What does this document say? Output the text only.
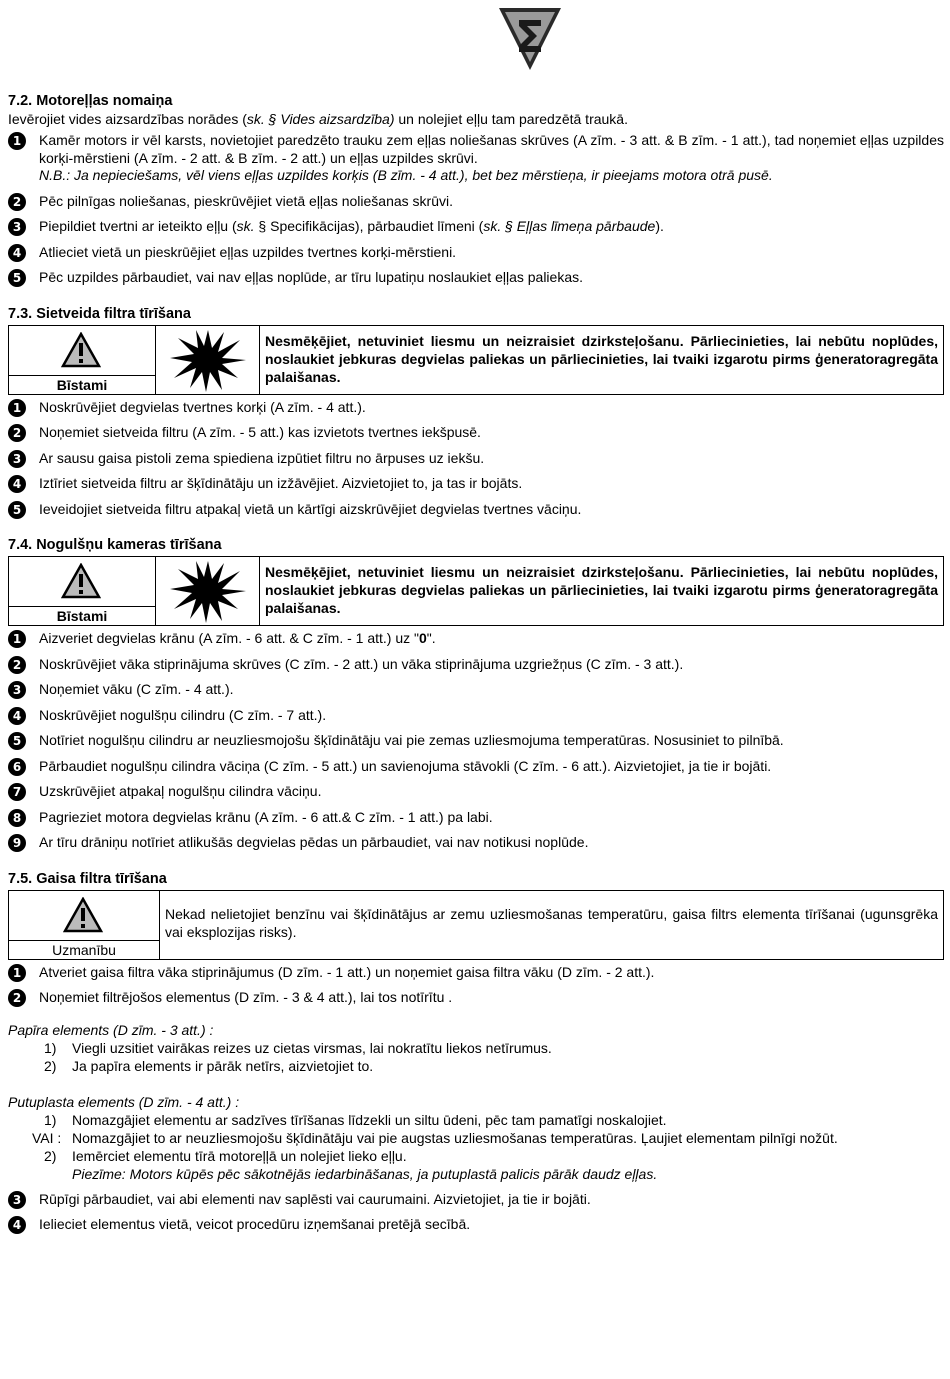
7.2. Motoreļļas nomaiņa

Ievērojiet vides aizsardzības norādes (sk. § Vides aizsardzība) un nolejiet eļļu tam paredzētā traukā.

1	Kamēr motors ir vēl karsts, novietojiet paredzēto trauku zem eļļas noliešanas skrūves (A zīm. - 3 att. & B zīm. - 1 att.), tad noņemiet eļļas uzpildes korķi-mērstieni (A zīm. - 2 att. & B zīm. - 2 att.) un eļļas uzpildes skrūvi.
N.B.: Ja nepieciešams, vēl viens eļļas uzpildes korķis (B zīm. - 4 att.), bet bez mērstieņa, ir pieejams motora otrā pusē.
2	Pēc pilnīgas noliešanas, pieskrūvējiet vietā eļļas noliešanas skrūvi.
3	Piepildiet tvertni ar ieteikto eļļu (sk. § Specifikācijas), pārbaudiet līmeni (sk. § Eļļas līmeņa pārbaude).
4	Atlieciet vietā un pieskrūējiet eļļas uzpildes tvertnes korķi-mērstieni.
5	Pēc uzpildes pārbaudiet, vai nav eļļas noplūde, ar tīru lupatiņu noslaukiet eļļas paliekas.

7.3. Sietveida filtra tīrīšana

Bīstami
Nesmēķējiet, netuviniet liesmu un neizraisiet dzirksteļošanu. Pārliecinieties, lai nebūtu noplūdes, noslaukiet jebkuras degvielas paliekas un pārliecinieties, lai tvaiki izgarotu pirms ģeneratoragregāta palaišanas.
1	Noskrūvējiet degvielas tvertnes korķi (A zīm. - 4 att.).
2	Noņemiet sietveida filtru (A zīm. - 5 att.) kas izvietots tvertnes iekšpusē.
3	Ar sausu gaisa pistoli zema spiediena izpūtiet filtru no ārpuses uz iekšu.
4	Iztīriet sietveida filtru ar šķīdinātāju un izžāvējiet. Aizvietojiet to, ja tas ir bojāts.
5	Ieveidojiet sietveida filtru atpakaļ vietā un kārtīgi aizskrūvējiet degvielas tvertnes vāciņu.

7.4. Nogulšņu kameras tīrīšana

Bīstami
Nesmēķējiet, netuviniet liesmu un neizraisiet dzirksteļošanu. Pārliecinieties, lai nebūtu noplūdes, noslaukiet jebkuras degvielas paliekas un pārliecinieties, lai tvaiki izgarotu pirms ģeneratoragregāta palaišanas.
1	Aizveriet degvielas krānu (A zīm. - 6 att. & C zīm. - 1 att.) uz "0".
2	Noskrūvējiet vāka stiprinājuma skrūves (C zīm. - 2 att.) un vāka stiprinājuma uzgriežņus (C zīm. - 3 att.).
3	Noņemiet vāku (C zīm. - 4 att.).
4	Noskrūvējiet nogulšņu cilindru (C zīm. - 7 att.).
5	Notīriet nogulšņu cilindru ar neuzliesmojošu šķīdinātāju vai pie zemas uzliesmojuma temperatūras. Nosusiniet to pilnībā.
6	Pārbaudiet nogulšņu cilindra vāciņa (C zīm. - 5 att.) un savienojuma stāvokli (C zīm. - 6 att.). Aizvietojiet, ja tie ir bojāti.
7	Uzskrūvējiet atpakaļ nogulšņu cilindra vāciņu.
8	Pagrieziet motora degvielas krānu (A zīm. - 6 att.& C zīm. - 1 att.) pa labi.
9	Ar tīru drāniņu notīriet atlikušās degvielas pēdas un pārbaudiet, vai nav notikusi noplūde.

7.5. Gaisa filtra tīrīšana

Uzmanību
Nekad nelietojiet benzīnu vai šķīdinātājus ar zemu uzliesmošanas temperatūru, gaisa filtrs elementa tīrīšanai (ugunsgrēka vai eksplozijas risks).
1	Atveriet gaisa filtra vāka stiprinājumus (D zīm. - 1 att.) un noņemiet gaisa filtra vāku (D zīm. - 2 att.).
2	Noņemiet filtrējošos elementus (D zīm. - 3 & 4 att.), lai tos notīrītu .

Papīra elements (D zīm. - 3 att.) :

1)	Viegli uzsitiet vairākas reizes uz cietas virsmas, lai nokratītu liekos netīrumus.
2)	Ja papīra elements ir pārāk netīrs, aizvietojiet to.

Putuplasta elements (D zīm. - 4 att.) :

1)	Nomazgājiet elementu ar sadzīves tīrīšanas līdzekli un siltu ūdeni, pēc tam pamatīgi noskalojiet.
VAI : Nomazgājiet to ar neuzliesmojošu šķīdinātāju vai pie augstas uzliesmošanas temperatūras. Ļaujiet elementam pilnīgi nožūt.
2)	Iemērciet elementu tīrā motoreļļā un nolejiet lieko eļļu.
Piezīme: Motors kūpēs pēc sākotnējās iedarbināšanas, ja putuplastā palicis pārāk daudz eļļas.
3	Rūpīgi pārbaudiet, vai abi elementi nav saplēsti vai caurumaini. Aizvietojiet, ja tie ir bojāti.
4	Ielieciet elementus vietā, veicot procedūru izņemšanai pretējā secībā.
